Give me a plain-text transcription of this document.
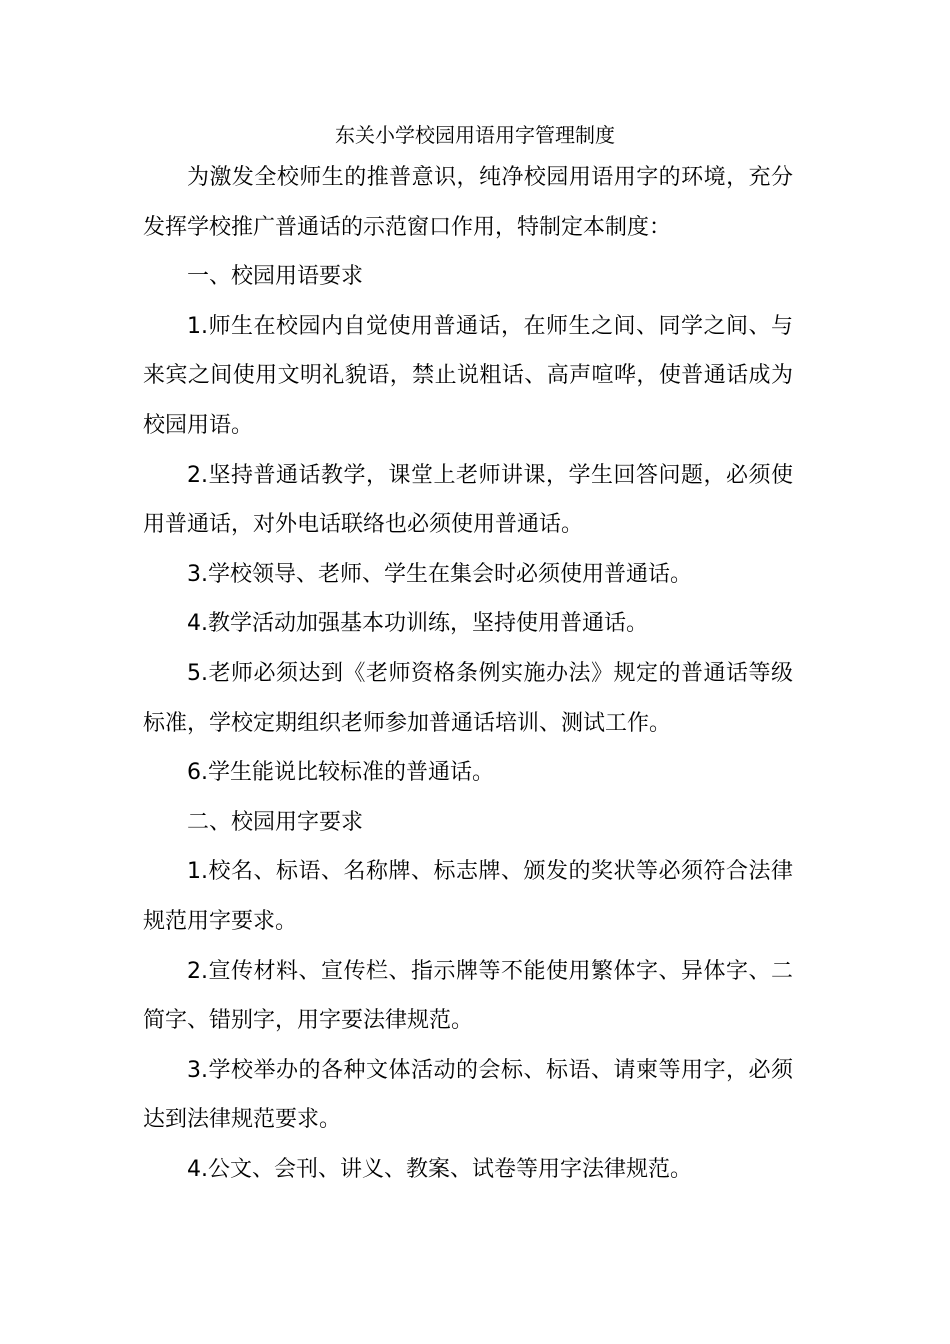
东关小学校园用语用字管理制度

为激发全校师生的推普意识，纯净校园用语用字的环境，充分发挥学校推广普通话的示范窗口作用，特制定本制度：

一、校园用语要求

1.师生在校园内自觉使用普通话，在师生之间、同学之间、与来宾之间使用文明礼貌语，禁止说粗话、高声喧哗，使普通话成为校园用语。

2.坚持普通话教学，课堂上老师讲课，学生回答问题，必须使用普通话，对外电话联络也必须使用普通话。

3.学校领导、老师、学生在集会时必须使用普通话。

4.教学活动加强基本功训练，坚持使用普通话。

5.老师必须达到《老师资格条例实施办法》规定的普通话等级标准，学校定期组织老师参加普通话培训、测试工作。

6.学生能说比较标准的普通话。

二、校园用字要求

1.校名、标语、名称牌、标志牌、颁发的奖状等必须符合法律规范用字要求。

2.宣传材料、宣传栏、指示牌等不能使用繁体字、异体字、二简字、错别字，用字要法律规范。

3.学校举办的各种文体活动的会标、标语、请柬等用字，必须达到法律规范要求。

4.公文、会刊、讲义、教案、试卷等用字法律规范。
